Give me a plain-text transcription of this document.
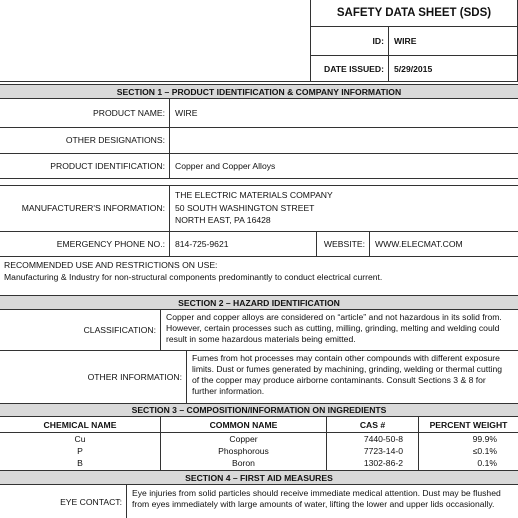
SAFETY DATA SHEET (SDS)
ID:	WIRE
DATE ISSUED:	5/29/2015
SECTION 1 – PRODUCT IDENTIFICATION & COMPANY INFORMATION
PRODUCT NAME:	WIRE
OTHER DESIGNATIONS:
PRODUCT IDENTIFICATION:	Copper and Copper Alloys
MANUFACTURER'S INFORMATION:
THE ELECTRIC MATERIALS COMPANY
50 SOUTH WASHINGTON STREET
NORTH EAST, PA 16428
EMERGENCY PHONE NO.:	814-725-9621	WEBSITE:	WWW.ELECMAT.COM
RECOMMENDED USE AND RESTRICTIONS ON USE:
Manufacturing & Industry for non-structural components predominantly to conduct electrical current.
SECTION 2 – HAZARD IDENTIFICATION
CLASSIFICATION:
Copper and copper alloys are considered on “article” and not hazardous in its solid from. However, certain processes such as cutting, milling, grinding, melting and welding could result in some hazardous materials being emitted.
OTHER INFORMATION:
Fumes from hot processes may contain other compounds with different exposure limits. Dust or fumes generated by machining, grinding, welding or thermal cutting of the copper may produce airborne contaminants. Consult Sections 3 & 8 for further information.
SECTION 3 – COMPOSITION/INFORMATION ON INGREDIENTS
CHEMICAL NAME	COMMON NAME	CAS #	PERCENT WEIGHT
Cu	Copper	7440-50-8	99.9%
P	Phosphorous	7723-14-0	≤0.1%
B	Boron	1302-86-2	0.1%
SECTION 4 – FIRST AID MEASURES
EYE CONTACT:
Eye injuries from solid particles should receive immediate medical attention. Dust may be flushed from eyes immediately with large amounts of water, lifting the lower and upper lids occasionally.
